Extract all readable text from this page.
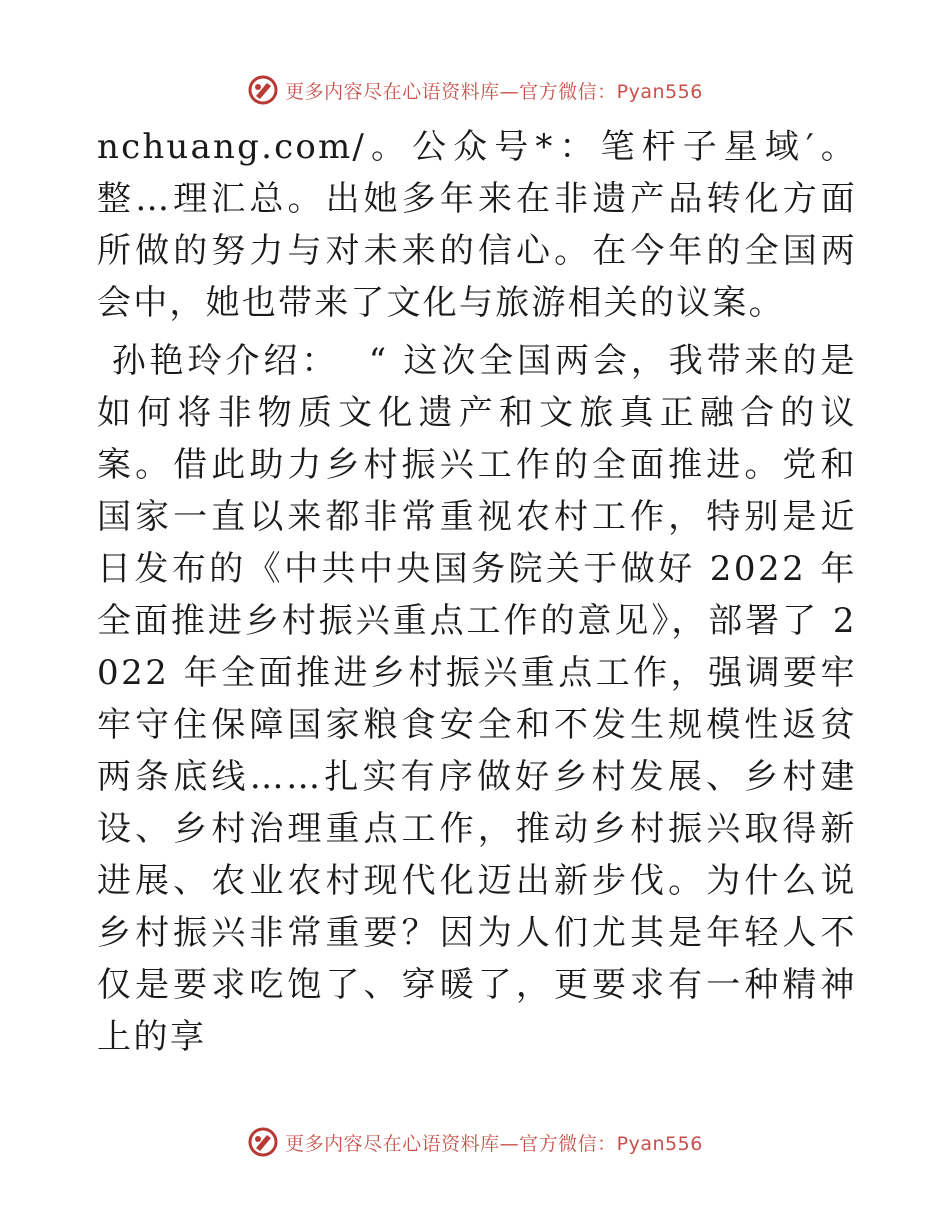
更多内容尽在心语资料库—官方微信：Pyan556

nchuang.com/。公众号*：笔杆子星域′。整…理汇总。出她多年来在非遗产品转化方面所做的努力与对未来的信心。在今年的全国两会中，她也带来了文化与旅游相关的议案。

孙艳玲介绍：  “ 这次全国两会，我带来的是如何将非物质文化遗产和文旅真正融合的议案。借此助力乡村振兴工作的全面推进。党和国家一直以来都非常重视农村工作，特别是近日发布的《中共中央国务院关于做好 2022 年全面推进乡村振兴重点工作的意见》，部署了 2022 年全面推进乡村振兴重点工作，强调要牢牢守住保障国家粮食安全和不发生规模性返贫两条底线……扎实有序做好乡村发展、乡村建设、乡村治理重点工作，推动乡村振兴取得新进展、农业农村现代化迈出新步伐。为什么说乡村振兴非常重要？因为人们尤其是年轻人不仅是要求吃饱了、穿暖了，更要求有一种精神上的享

更多内容尽在心语资料库—官方微信：Pyan556
